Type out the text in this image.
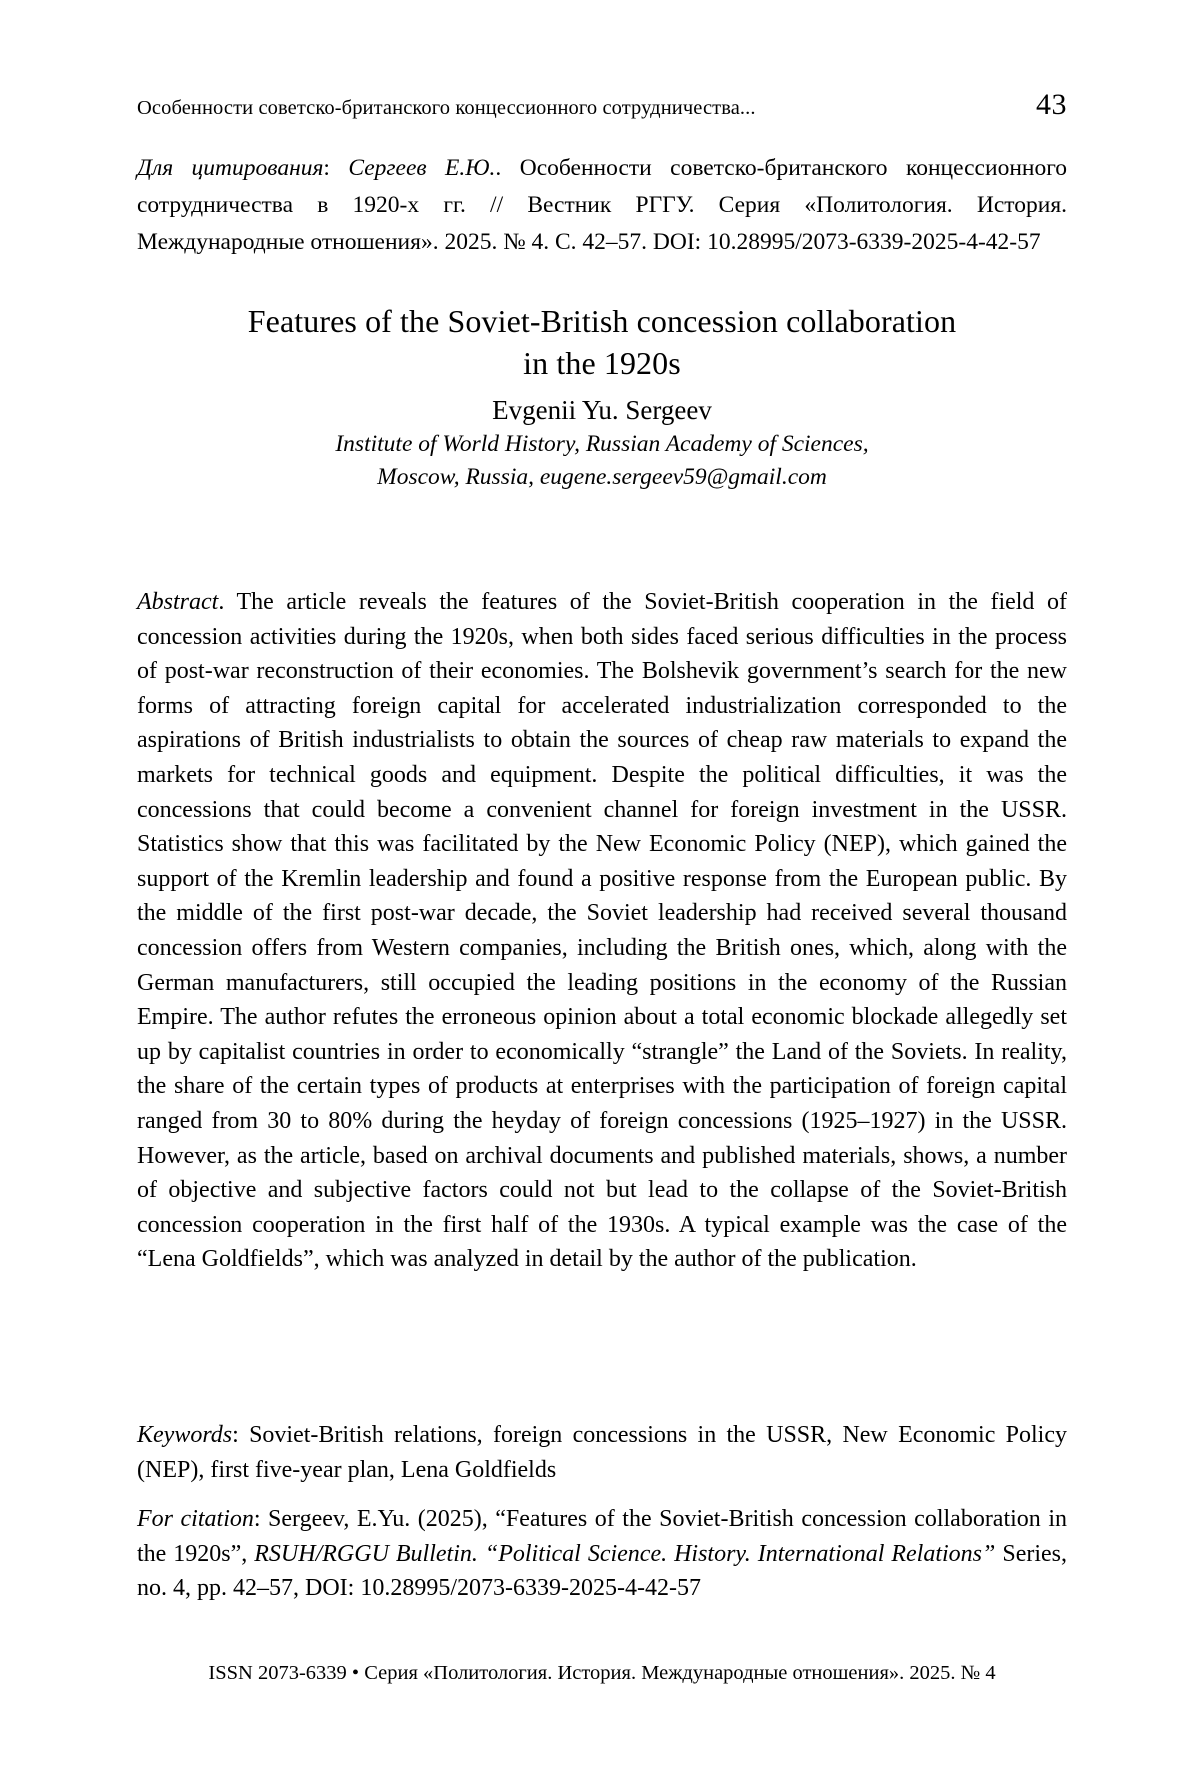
Особенности советско-британского концессионного сотрудничества...	43
Для цитирования: Сергеев Е.Ю.. Особенности советско-британского концессионного сотрудничества в 1920-х гг. // Вестник РГГУ. Серия «Политология. История. Международные отношения». 2025. № 4. С. 42–57. DOI: 10.28995/2073-6339-2025-4-42-57
Features of the Soviet-British concession collaboration
in the 1920s
Evgenii Yu. Sergeev
Institute of World History, Russian Academy of Sciences,
Moscow, Russia, eugene.sergeev59@gmail.com
Abstract. The article reveals the features of the Soviet-British cooperation in the field of concession activities during the 1920s, when both sides faced serious difficulties in the process of post-war reconstruction of their economies. The Bolshevik government’s search for the new forms of attracting foreign capital for accelerated industrialization corresponded to the aspirations of British industrialists to obtain the sources of cheap raw materials to expand the markets for technical goods and equipment. Despite the political difficulties, it was the concessions that could become a convenient channel for foreign investment in the USSR. Statistics show that this was facilitated by the New Economic Policy (NEP), which gained the support of the Kremlin leadership and found a positive response from the European public. By the middle of the first post-war decade, the Soviet leadership had received several thousand concession offers from Western companies, including the British ones, which, along with the German manufacturers, still occupied the leading positions in the economy of the Russian Empire. The author refutes the erroneous opinion about a total economic blockade allegedly set up by capitalist countries in order to economically “strangle” the Land of the Soviets. In reality, the share of the certain types of products at enterprises with the participation of foreign capital ranged from 30 to 80% during the heyday of foreign concessions (1925–1927) in the USSR. However, as the article, based on archival documents and published materials, shows, a number of objective and subjective factors could not but lead to the collapse of the Soviet-British concession cooperation in the first half of the 1930s. A typical example was the case of the “Lena Goldfields”, which was analyzed in detail by the author of the publication.
Keywords: Soviet-British relations, foreign concessions in the USSR, New Economic Policy (NEP), first five-year plan, Lena Goldfields
For citation: Sergeev, E.Yu. (2025), “Features of the Soviet-British concession collaboration in the 1920s”, RSUH/RGGU Bulletin. “Political Science. History. International Relations” Series, no. 4, pp. 42–57, DOI: 10.28995/2073-6339-2025-4-42-57
ISSN 2073-6339 • Серия «Политология. История. Международные отношения». 2025. № 4
